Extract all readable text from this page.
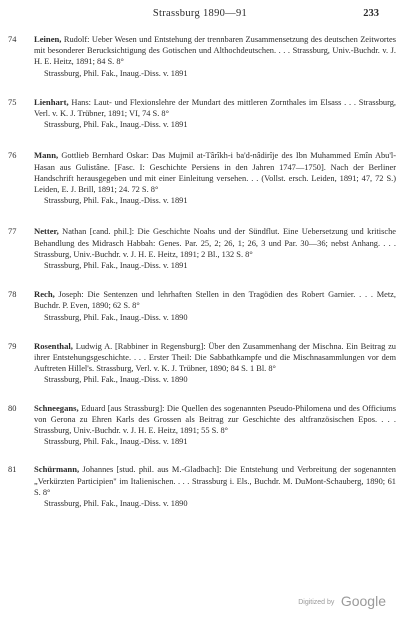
Strassburg 1890—91	233
74 Leinen, Rudolf: Ueber Wesen und Entstehung der trennbaren Zusammensetzung des deutschen Zeitwortes mit besonderer Berucksichtigung des Gotischen und Althochdeutschen. . . . Strassburg, Univ.-Buchdr. v. J. H. E. Heitz, 1891; 84 S. 8°
Strassburg, Phil. Fak., Inaug.-Diss. v. 1891
75 Lienhart, Hans: Laut- und Flexionslehre der Mundart des mittleren Zornthales im Elsass . . . Strassburg, Verl. v. K. J. Trübner, 1891; VI, 74 S. 8°
Strassburg, Phil. Fak., Inaug.-Diss. v. 1891
76 Mann, Gottlieb Bernhard Oskar: Das Mujmil at-Târîkh-i ba'd-nâdirîje des Ibn Muhammed Emîn Abu'l-Hasan aus Gulistâne. [Fasc. I: Geschichte Persiens in den Jahren 1747—1750]. Nach der Berliner Handschrift herausgegeben und mit einer Einleitung versehen. . . (Vollst. ersch. Leiden, 1891; 47, 72 S.) Leiden, E. J. Brill, 1891; 24. 72 S. 8°
Strassburg, Phil. Fak., Inaug.-Diss. v. 1891
77 Netter, Nathan [cand. phil.]: Die Geschichte Noahs und der Sündflut. Eine Uebersetzung und kritische Behandlung des Midrasch Habbah: Genes. Par. 25, 2; 26, 1; 26, 3 und Par. 30—36; nebst Anhang. . . . Strassburg, Univ.-Buchdr. v. J. H. E. Heitz, 1891; 2 Bl., 132 S. 8°
Strassburg, Phil. Fak., Inaug.-Diss. v. 1891
78 Rech, Joseph: Die Sentenzen und lehrhaften Stellen in den Tragödien des Robert Garnier. . . . Metz, Buchdr. P. Even, 1890; 62 S. 8°
Strassburg, Phil. Fak., Inaug.-Diss. v. 1890
79 Rosenthal, Ludwig A. [Rabbiner in Regensburg]: Über den Zusammenhang der Mischna. Ein Beitrag zu ihrer Entstehungsgeschichte. . . . Erster Theil: Die Sabbathkampfe und die Mischnasammlungen vor dem Auftreten Hillel's. Strassburg, Verl. v. K. J. Trübner, 1890; 84 S. 1 Bl. 8°
Strassburg, Phil. Fak., Inaug.-Diss. v. 1890
80 Schneegans, Eduard [aus Strassburg]: Die Quellen des sogenannten Pseudo-Philomena und des Officiums von Gerona zu Ehren Karls des Grossen als Beitrag zur Geschichte des altfranzösischen Epos. . . . Strassburg, Univ.-Buchdr. v. J. H. E. Heitz, 1891; 55 S. 8°
Strassburg, Phil. Fak., Inaug.-Diss. v. 1891
81 Schürmann, Johannes [stud. phil. aus M.-Gladbach]: Die Entstehung und Verbreitung der sogenannten „Verkürzten Participien" im Italienischen. . . . Strassburg i. Els., Buchdr. M. DuMont-Schauberg, 1890; 61 S. 8°
Strassburg, Phil. Fak., Inaug.-Diss. v. 1890
Digitized by Google
